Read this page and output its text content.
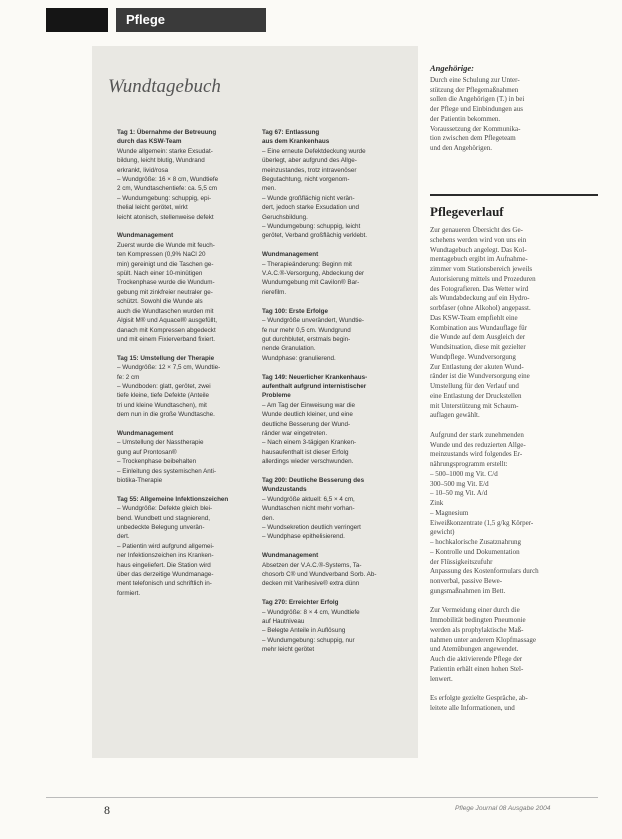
Pflege
Wundtagebuch
Tag 1: Übernahme der Betreuung
durch das KSW-Team
Wunde allgemein: starke Exsudat-
bildung, leicht blutig, Wundrand
erkrankt, livid/rosa
– Wundgröße: 16 × 8 cm, Wundtiefe
2 cm, Wundtaschentiefe: ca. 5,5 cm
– Wundumgebung: schuppig, epi-
thelial leicht gerötet, wirkt
leicht atonisch, stellenweise defekt
Wundmanagement
Zuerst wurde die Wunde mit feuch-
ten Kompressen (0,9% NaCl 20
min) gereinigt und die Taschen ge-
spült. Nach einer 10-minütigen
Trockenphase wurde die Wundum-
gebung mit zinkfreier neutraler ge-
schützt. Sowohl die Wunde als
auch die Wundtaschen wurden mit
Algisit M® und Aquacel® ausgefüllt,
danach mit Kompressen abgedeckt
und mit einem Fixierverband fixiert.
Tag 15: Umstellung der Therapie
– Wundgröße: 12 × 7,5 cm, Wundtie-
fe: 2 cm
– Wundboden: glatt, gerötet, zwei
tiefe kleine, tiefe Defekte (Anteile
tri und kleine Wundtaschen), mit
dem nun in die große Wundtasche.
Wundmanagement
– Umstellung der Nasstherapie
gung auf Prontosan®
– Trockenphase beibehalten
– Einleitung des systemischen Anti-
biotika-Therapie
Tag 55: Allgemeine Infektionszeichen
– Wundgröße: Defekte gleich blei-
bend. Wundbett und stagnierend,
unbedeckte Belegung unverän-
dert.
– Patientin wird aufgrund allgemei-
ner Infektionszeichen ins Kranken-
haus eingeliefert. Die Station wird
über das derzeitige Wundmanage-
ment telefonisch und schriftlich in-
formiert.
Tag 67: Entlassung
aus dem Krankenhaus
– Eine erneute Defektdeckung wurde
überlegt, aber aufgrund des Allge-
meinzustandes, trotz intravenöser
Begutachtung, nicht vorgenom-
men.
– Wunde großflächig nicht verän-
dert, jedoch starke Exsudation und
Geruchsbildung.
– Wundumgebung: schuppig, leicht
gerötet, Verband großflächig verklebt.
Wundmanagement
– Therapieänderung: Beginn mit
V.A.C.®-Versorgung, Abdeckung der
Wundumgebung mit Cavilon® Bar-
rierefilm.
Tag 100: Erste Erfolge
– Wundgröße unverändert, Wundtie-
fe nur mehr 0,5 cm. Wundgrund
gut durchblutet, erstmals begin-
nende Granulation.
Wundphase: granulierend.
Tag 149: Neuerlicher Krankenhaus-
aufenthalt aufgrund internistischer
Probleme
– Am Tag der Einweisung war die
Wunde deutlich kleiner, und eine
deutliche Besserung der Wund-
ränder war eingetreten.
– Nach einem 3-tägigen Kranken-
hausaufenthalt ist dieser Erfolg
allerdings wieder verschwunden.
Tag 200: Deutliche Besserung des
Wundzustands
– Wundgröße aktuell: 6,5 × 4 cm,
Wundtaschen nicht mehr vorhan-
den.
– Wundsekretion deutlich verringert
– Wundphase epithelisierend.
Wundmanagement
Absetzen der V.A.C.®-Systems, Ta-
chosorb C® und Wundverband Sorb. Ab-
decken mit Varihesive® extra dünn
Tag 270: Erreichter Erfolg
– Wundgröße: 8 × 4 cm, Wundtiefe
auf Hautniveau
– Belegte Anteile in Auflösung
– Wundumgebung: schuppig, nur
mehr leicht gerötet
Angehörige:
Durch eine Schulung zur Unter-
stützung der Pflegemaßnahmen
sollen die Angehörigen (T.) in bei
der Pflege und Einbindungen aus
der Patientin bekommen.
Voraussetzung der Kommunika-
tion zwischen dem Pflegeteam
und den Angehörigen.
Pflegeverlauf
Zur genaueren Übersicht des Ge-
schehens werden wird von uns ein
Wundtagebuch angelegt. Das Kol-
mentagebuch ergibt im Aufnahme-
zimmer vom Stationsbereich jeweils
Autorisierung mittels und Prozeduren
des Fotografieren. Das Wetter wird
als Wundabdeckung auf ein Hydro-
sorbfaser (ohne Alkohol) angepasst.
Das KSW-Team empfiehlt eine
Kombination aus Wundauflage für
die Wunde auf dem Ausgleich der
Wundsituation, diese mit gezielter
Wundpflege. Wundversorgung
Zur Entlastung der akuten Wund-
ränder ist die Wundversorgung eine
Umstellung für den Verlauf und
eine Entlastung der Druckstellen
mit Unterstützung mit Schaum-
auflagen gewählt.
Aufgrund der stark zunehmenden
Wunde und des reduzierten Allge-
meinzustands wird folgendes Er-
nährungsprogramm erstellt:
– 500–1000 mg Vit. C/d
300–500 mg Vit. E/d
– 10–50 mg Vit. A/d
Zink
– Magnesium
Eiweißkonzentrate (1,5 g/kg Körper-
gewicht)
– hochkalorische Zusatznahrung
– Kontrolle und Dokumentation
der Flüssigkeitszufuhr
Anpassung des Kostenformulars durch
nonverbal, passive Bewe-
gungsmaßnahmen im Bett.
Zur Vermeidung einer durch die
Immobilität bedingten Pneumonie
werden als prophylaktische Maß-
nahmen unter anderem Klopfmassage
und Atemübungen angewendet.
Auch die aktivierende Pflege der
Patientin erhält einen hohen Stel-
lenwert.
Es erfolgte gezielte Gespräche, ab-
leitete alle Informationen, und
8	Pflege Journal 08 Ausgabe 2004
